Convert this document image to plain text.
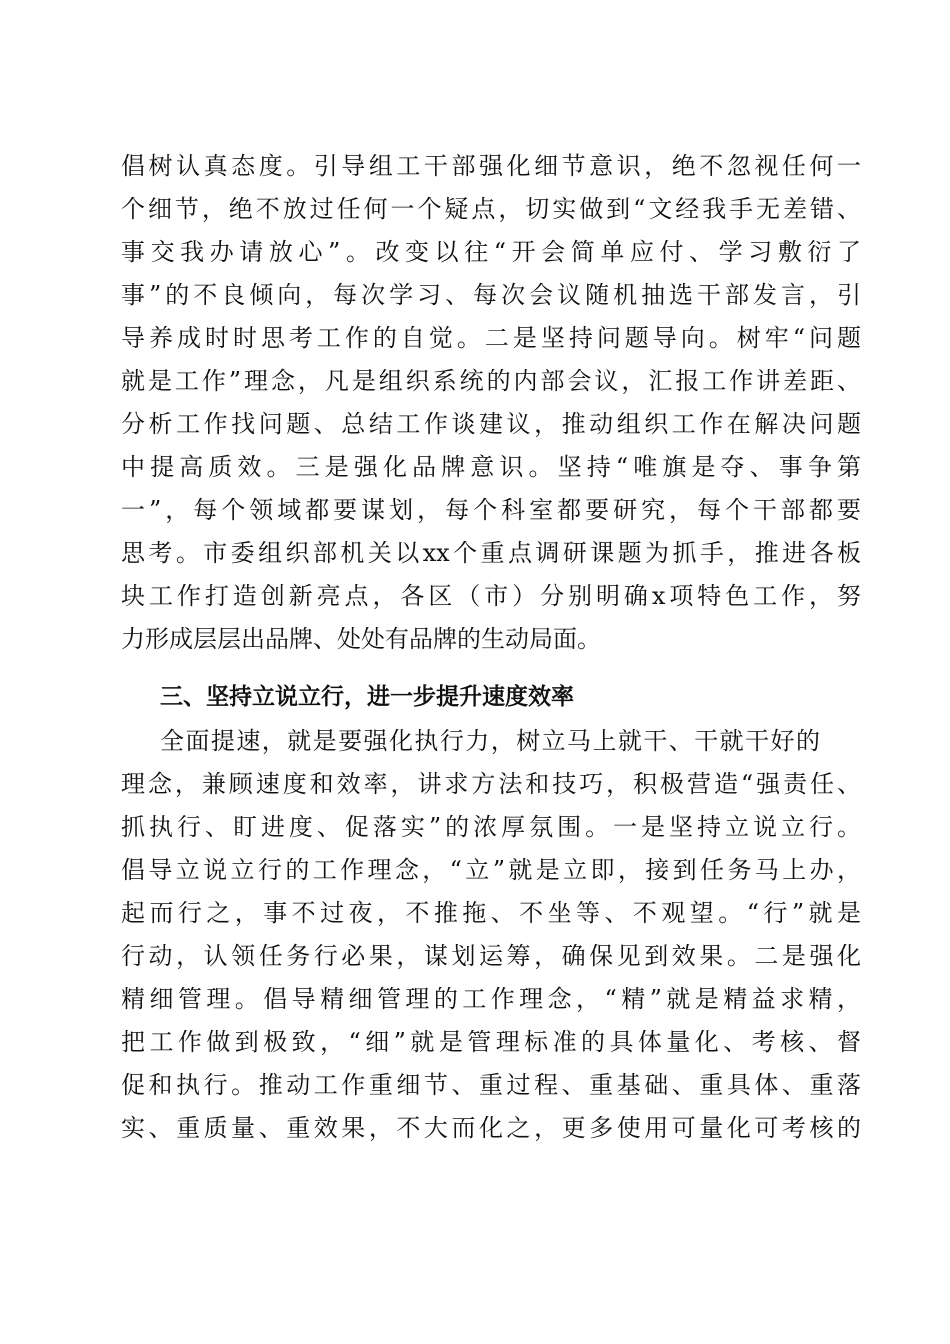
倡树认真态度。引导组工干部强化细节意识，绝不忽视任何一
个细节，绝不放过任何一个疑点，切实做到“文经我手无差错、
事交我办请放心”。改变以往“开会简单应付、学习敷衍了
事”的不良倾向，每次学习、每次会议随机抽选干部发言，引
导养成时时思考工作的自觉。二是坚持问题导向。树牢“问题
就是工作”理念，凡是组织系统的内部会议，汇报工作讲差距、
分析工作找问题、总结工作谈建议，推动组织工作在解决问题
中提高质效。三是强化品牌意识。坚持“唯旗是夺、事争第
一”，每个领域都要谋划，每个科室都要研究，每个干部都要
思考。市委组织部机关以xx个重点调研课题为抓手，推进各板
块工作打造创新亮点，各区（市）分别明确x项特色工作，努
力形成层层出品牌、处处有品牌的生动局面。
三、坚持立说立行，进一步提升速度效率
全面提速，就是要强化执行力，树立马上就干、干就干好的
理念，兼顾速度和效率，讲求方法和技巧，积极营造“强责任、
抓执行、盯进度、促落实”的浓厚氛围。一是坚持立说立行。
倡导立说立行的工作理念，“立”就是立即，接到任务马上办，
起而行之，事不过夜，不推拖、不坐等、不观望。“行”就是
行动，认领任务行必果，谋划运筹，确保见到效果。二是强化
精细管理。倡导精细管理的工作理念，“精”就是精益求精，
把工作做到极致，“细”就是管理标准的具体量化、考核、督
促和执行。推动工作重细节、重过程、重基础、重具体、重落
实、重质量、重效果，不大而化之，更多使用可量化可考核的
